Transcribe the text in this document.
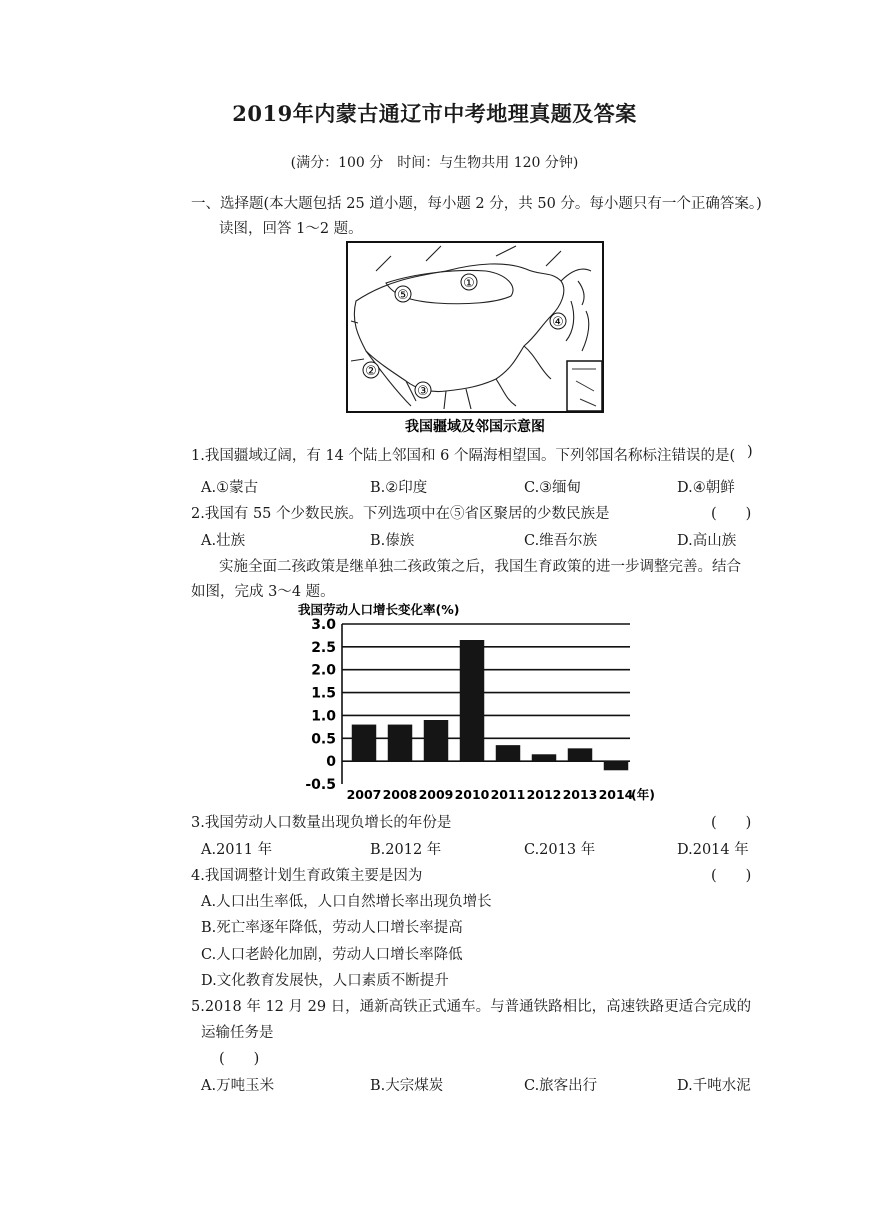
2019年内蒙古通辽市中考地理真题及答案
(满分：100 分　时间：与生物共用 120 分钟)
一、选择题(本大题包括 25 道小题，每小题 2 分，共 50 分。每小题只有一个正确答案。)
读图，回答 1～2 题。
①
②
③
④
⑤
我国疆域及邻国示意图
1.我国疆域辽阔，有 14 个陆上邻国和 6 个隔海相望国。下列邻国名称标注错误的是( )
A.①蒙古	B.②印度	C.③缅甸	D.④朝鲜
2.我国有 55 个少数民族。下列选项中在⑤省区聚居的少数民族是	(　　)
A.壮族	B.傣族	C.维吾尔族	D.高山族
实施全面二孩政策是继单独二孩政策之后，我国生育政策的进一步调整完善。结合
如图，完成 3～4 题。
我国劳动人口增长变化率(%)
3.0
2.5
2.0
1.5
1.0
0.5
0
-0.5
2007 2008 2009 2010 2011 2012 2013 2014
(年)
3.我国劳动人口数量出现负增长的年份是	(　　)
A.2011 年	B.2012 年	C.2013 年	D.2014 年
4.我国调整计划生育政策主要是因为	(　　)
A.人口出生率低，人口自然增长率出现负增长
B.死亡率逐年降低，劳动人口增长率提高
C.人口老龄化加剧，劳动人口增长率降低
D.文化教育发展快，人口素质不断提升
5.2018 年 12 月 29 日，通新高铁正式通车。与普通铁路相比，高速铁路更适合完成的
运输任务是
(　　)
A.万吨玉米	B.大宗煤炭	C.旅客出行	D.千吨水泥
